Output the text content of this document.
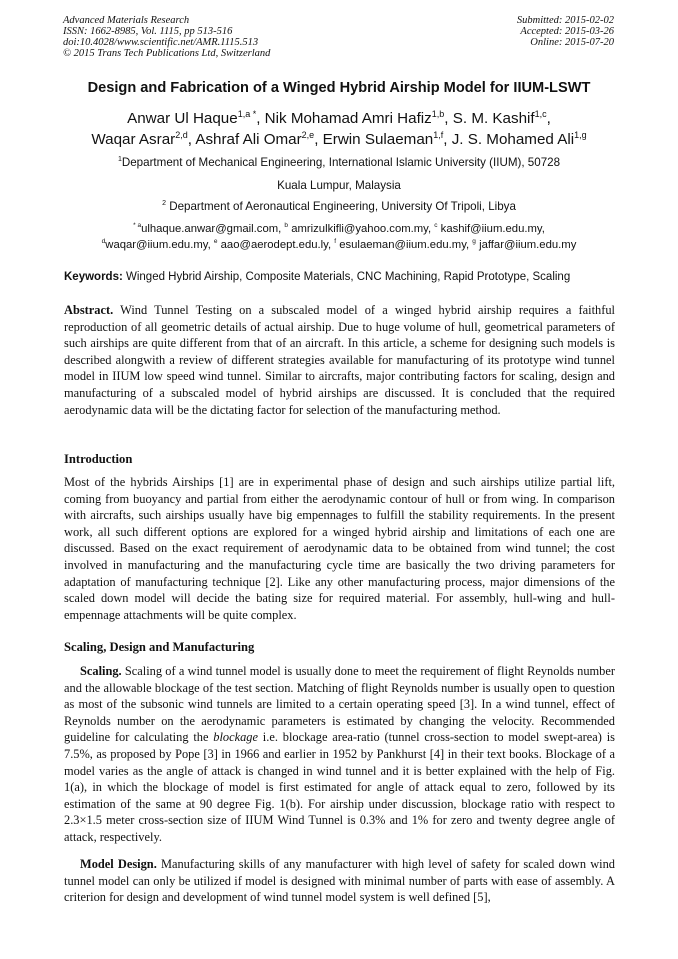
Advanced Materials Research
ISSN: 1662-8985, Vol. 1115, pp 513-516
doi:10.4028/www.scientific.net/AMR.1115.513
© 2015 Trans Tech Publications Ltd, Switzerland
Submitted: 2015-02-02
Accepted: 2015-03-26
Online: 2015-07-20
Design and Fabrication of a Winged Hybrid Airship Model for IIUM-LSWT
Anwar Ul Haque$^{1,a *}$, Nik Mohamad Amri Hafiz$^{1,b}$, S. M. Kashif$^{1,c}$,
Waqar Asrar$^{2,d}$, Ashraf Ali Omar$^{2,e}$, Erwin Sulaeman$^{1,f}$, J. S. Mohamed Ali$^{1,g}$
$^1$Department of Mechanical Engineering, International Islamic University (IIUM), 50728
Kuala Lumpur, Malaysia
$^2$ Department of Aeronautical Engineering, University Of Tripoli, Libya
$^{* a}$ulhaque.anwar@gmail.com, $^b$ amrizulkifli@yahoo.com.my, $^c$ kashif@iium.edu.my,
$^d$waqar@iium.edu.my, $^e$ aao@aerodept.edu.ly, $^f$ esulaeman@iium.edu.my, $^g$ jaffar@iium.edu.my
Keywords: Winged Hybrid Airship, Composite Materials, CNC Machining, Rapid Prototype, Scaling
Abstract. Wind Tunnel Testing on a subscaled model of a winged hybrid airship requires a faithful reproduction of all geometric details of actual airship. Due to huge volume of hull, geometrical parameters of such airships are quite different from that of an aircraft. In this article, a scheme for designing such models is described alongwith a review of different strategies available for manufacturing of its prototype wind tunnel model in IIUM low speed wind tunnel. Similar to aircrafts, major contributing factors for scaling, design and manufacturing of a subscaled model of hybrid airships are discussed. It is concluded that the required aerodynamic data will be the dictating factor for selection of the manufacturing method.
Introduction
Most of the hybrids Airships [1] are in experimental phase of design and such airships utilize partial lift, coming from buoyancy and partial from either the aerodynamic contour of hull or from wing. In comparison with aircrafts, such airships usually have big empennages to fulfill the stability requirements. In the present work, all such different options are explored for a winged hybrid airship and limitations of each one are discussed. Based on the exact requirement of aerodynamic data to be obtained from wind tunnel; the cost involved in manufacturing and the manufacturing cycle time are basically the two driving parameters for adaptation of manufacturing technique [2]. Like any other manufacturing process, major dimensions of the scaled down model will decide the bating size for required material. For assembly, hull-wing and hull-empennage attachments will be quite complex.
Scaling, Design and Manufacturing
Scaling. Scaling of a wind tunnel model is usually done to meet the requirement of flight Reynolds number and the allowable blockage of the test section. Matching of flight Reynolds number is usually open to question as most of the subsonic wind tunnels are limited to a certain operating speed [3]. In a wind tunnel, effect of Reynolds number on the aerodynamic parameters is estimated by changing the velocity. Recommended guideline for calculating the blockage i.e. blockage area-ratio (tunnel cross-section to model swept-area) is 7.5%, as proposed by Pope [3] in 1966 and earlier in 1952 by Pankhurst [4] in their text books. Blockage of a model varies as the angle of attack is changed in wind tunnel and it is better explained with the help of Fig. 1(a), in which the blockage of model is first estimated for angle of attack equal to zero, followed by its estimation of the same at 90 degree Fig. 1(b). For airship under discussion, blockage ratio with respect to 2.3×1.5 meter cross-section size of IIUM Wind Tunnel is 0.3% and 1% for zero and twenty degree angle of attack, respectively.
Model Design. Manufacturing skills of any manufacturer with high level of safety for scaled down wind tunnel model can only be utilized if model is designed with minimal number of parts with ease of assembly. A criterion for design and development of wind tunnel model system is well defined [5],
